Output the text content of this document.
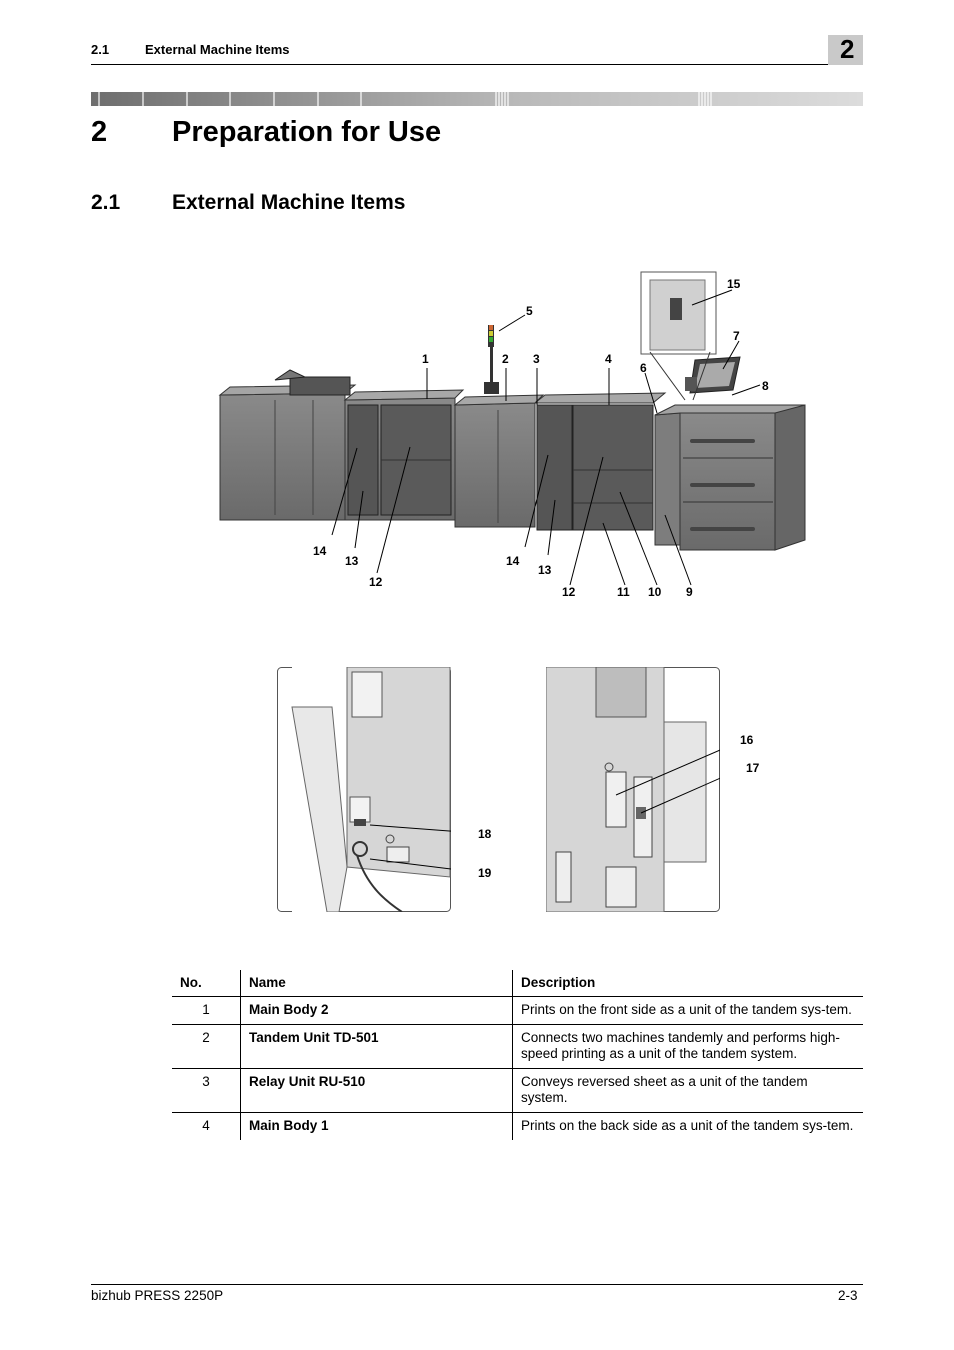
2.1	External Machine Items	2
2 Preparation for Use
2.1 External Machine Items
1	2 3	4
5
6
7
8
9
10
11
12
13
14
12
13
14
15
18
19
16
17
No.	Name	Description
1	Main Body 2	Prints on the front side as a unit of the tandem sys-tem.
2	Tandem Unit TD-501	Connects two machines tandemly and performs high-speed printing as a unit of the tandem system.
3	Relay Unit RU-510	Conveys reversed sheet as a unit of the tandem system.
4	Main Body 1	Prints on the back side as a unit of the tandem sys-tem.
bizhub PRESS 2250P	2-3
